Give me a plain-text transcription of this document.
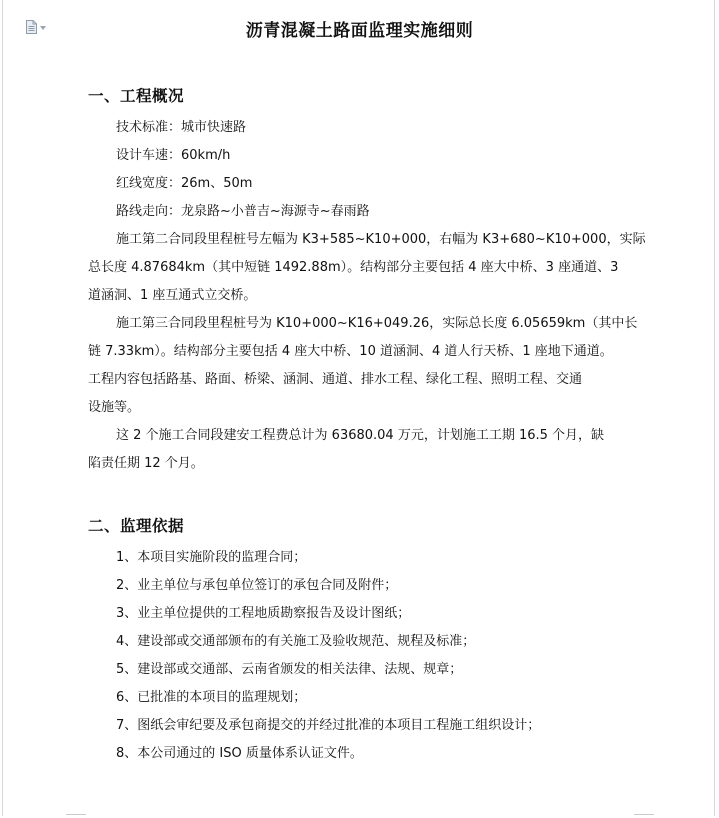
沥青混凝土路面监理实施细则
一、工程概况
技术标准：城市快速路
设计车速：60km/h
红线宽度：26m、50m
路线走向：龙泉路~小普吉~海源寺~春雨路
施工第二合同段里程桩号左幅为 K3+585~K10+000，右幅为 K3+680~K10+000，实际
总长度 4.87684km（其中短链 1492.88m）。结构部分主要包括 4 座大中桥、3 座通道、3
道涵洞、1 座互通式立交桥。
施工第三合同段里程桩号为 K10+000~K16+049.26，实际总长度 6.05659km（其中长
链 7.33km）。结构部分主要包括 4 座大中桥、10 道涵洞、4 道人行天桥、1 座地下通道。
工程内容包括路基、路面、桥梁、涵洞、通道、排水工程、绿化工程、照明工程、交通
设施等。
这 2 个施工合同段建安工程费总计为 63680.04 万元，计划施工工期 16.5 个月，缺
陷责任期 12 个月。
二、监理依据
1、本项目实施阶段的监理合同；
2、业主单位与承包单位签订的承包合同及附件；
3、业主单位提供的工程地质勘察报告及设计图纸；
4、建设部或交通部颁布的有关施工及验收规范、规程及标准；
5、建设部或交通部、云南省颁发的相关法律、法规、规章；
6、已批准的本项目的监理规划；
7、图纸会审纪要及承包商提交的并经过批准的本项目工程施工组织设计；
8、本公司通过的 ISO 质量体系认证文件。
